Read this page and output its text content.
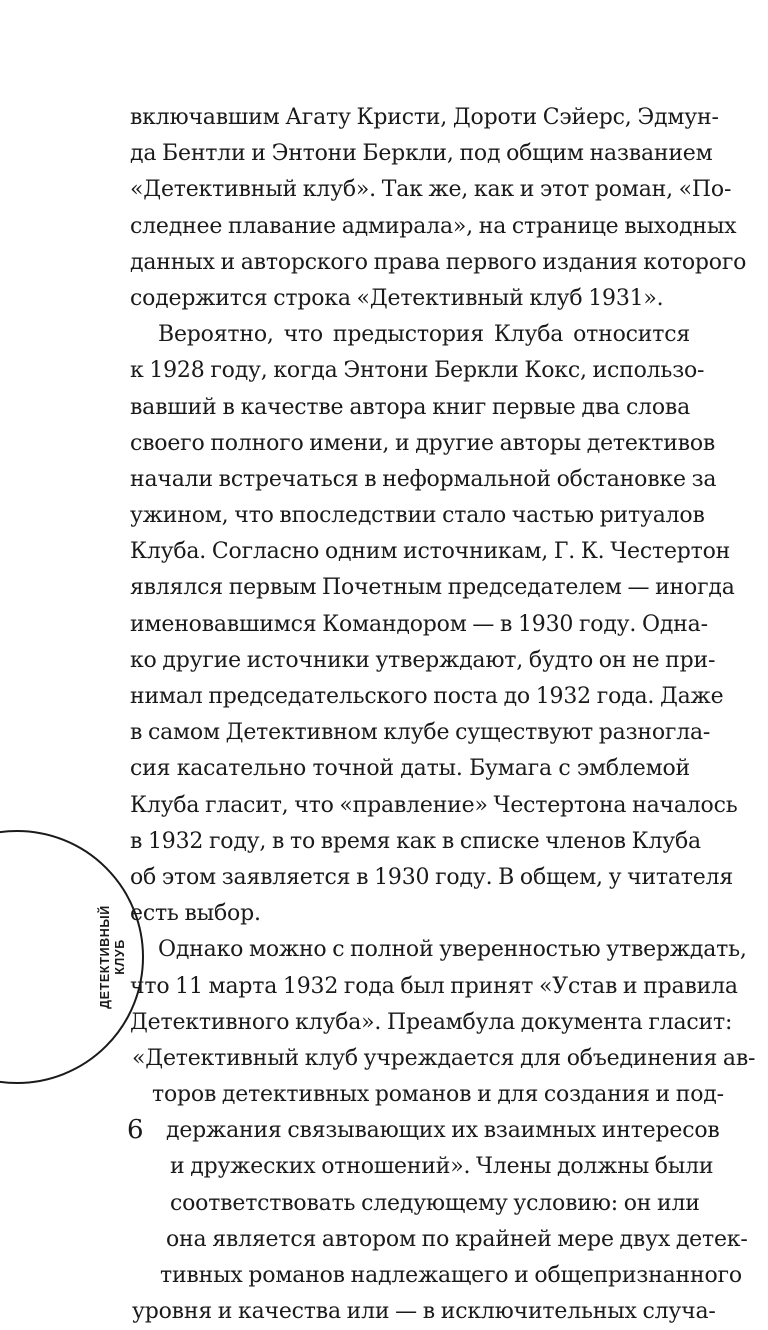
включавшим Агату Кристи, Дороти Сэйерс, Эдмун-
да Бентли и Энтони Беркли, под общим названием
«Детективный клуб». Так же, как и этот роман, «По-
следнее плавание адмирала», на странице выходных
данных и авторского права первого издания которого
содержится строка «Детективный клуб 1931».
Вероятно, что предыстория Клуба относится
к 1928 году, когда Энтони Беркли Кокс, использо-
вавший в качестве автора книг первые два слова
своего полного имени, и другие авторы детективов
начали встречаться в неформальной обстановке за
ужином, что впоследствии стало частью ритуалов
Клуба. Согласно одним источникам, Г. К. Честертон
являлся первым Почетным председателем — иногда
именовавшимся Командором — в 1930 году. Однa-
ко другие источники утверждают, будто он не при-
нимал председательского поста до 1932 года. Даже
в самом Детективном клубе существуют разногла-
сия касательно точной даты. Бумага с эмблемой
Клуба гласит, что «правление» Честертона началось
в 1932 году, в то время как в списке членов Клуба
об этом заявляется в 1930 году. В общем, у читателя
есть выбор.
Однако можно с полной уверенностью утверждать,
что 11 марта 1932 года был принят «Устав и правила
Детективного клуба». Преамбула документа гласит:
«Детективный клуб учреждается для объединения ав-
торов детективных романов и для создания и под-
держания связывающих их взаимных интересов
и дружеских отношений». Члены должны были
соответствовать следующему условию: он или
она является автором по крайней мере двух детек-
тивных романов надлежащего и общепризнанного
уровня и качества или — в исключительных случа-
ДЕТЕКТИВНЫЙ КЛУБ
6
